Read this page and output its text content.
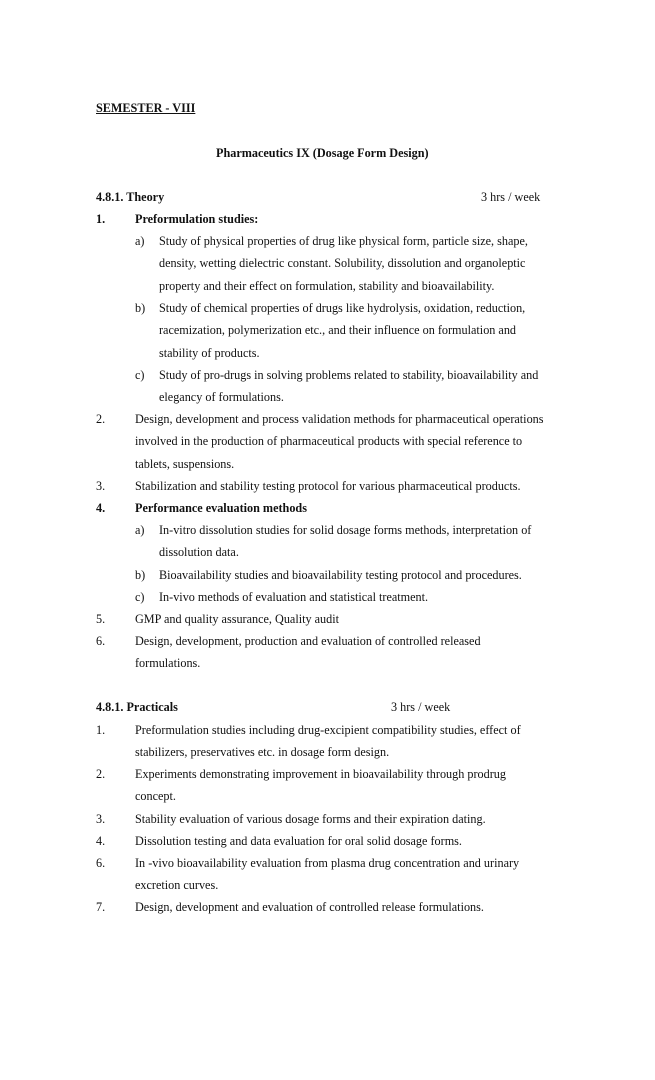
SEMESTER - VIII
Pharmaceutics IX (Dosage Form Design)
4.8.1. Theory	3 hrs / week
1. Preformulation studies:
a) Study of physical properties of drug like physical form, particle size, shape, density, wetting dielectric constant. Solubility, dissolution and organoleptic property and their effect on formulation, stability and bioavailability.
b) Study of chemical properties of drugs like hydrolysis, oxidation, reduction, racemization, polymerization etc., and their influence on formulation and stability of products.
c) Study of pro-drugs in solving problems related to stability, bioavailability and elegancy of formulations.
2. Design, development and process validation methods for pharmaceutical operations involved in the production of pharmaceutical products with special reference to tablets, suspensions.
3. Stabilization and stability testing protocol for various pharmaceutical products.
4. Performance evaluation methods
a) In-vitro dissolution studies for solid dosage forms methods, interpretation of dissolution data.
b) Bioavailability studies and bioavailability testing protocol and procedures.
c) In-vivo methods of evaluation and statistical treatment.
5. GMP and quality assurance, Quality audit
6. Design, development, production and evaluation of controlled released formulations.
4.8.1. Practicals	3 hrs / week
1. Preformulation studies including drug-excipient compatibility studies, effect of stabilizers, preservatives etc. in dosage form design.
2. Experiments demonstrating improvement in bioavailability through prodrug concept.
3. Stability evaluation of various dosage forms and their expiration dating.
4. Dissolution testing and data evaluation for oral solid dosage forms.
6. In -vivo bioavailability evaluation from plasma drug concentration and urinary excretion curves.
7. Design, development and evaluation of controlled release formulations.
